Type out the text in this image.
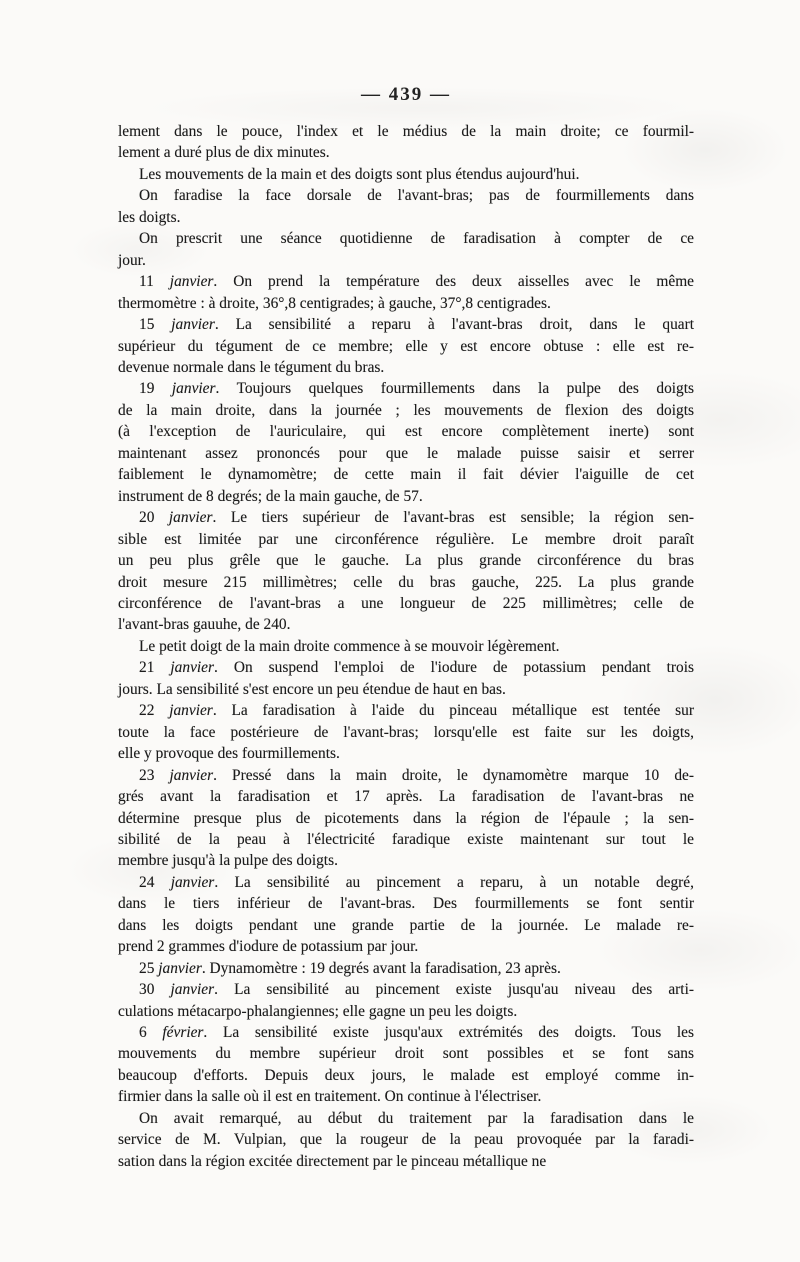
— 439 —
lement dans le pouce, l'index et le médius de la main droite; ce fourmil-
lement a duré plus de dix minutes.
Les mouvements de la main et des doigts sont plus étendus aujourd'hui.
On faradise la face dorsale de l'avant-bras; pas de fourmillements dans
les doigts.
On prescrit une séance quotidienne de faradisation à compter de ce
jour.
11 janvier. On prend la température des deux aisselles avec le même
thermomètre : à droite, 36°,8 centigrades; à gauche, 37°,8 centigrades.
15 janvier. La sensibilité a reparu à l'avant-bras droit, dans le quart
supérieur du tégument de ce membre; elle y est encore obtuse : elle est re-
devenue normale dans le tégument du bras.
19 janvier. Toujours quelques fourmillements dans la pulpe des doigts
de la main droite, dans la journée ; les mouvements de flexion des doigts
(à l'exception de l'auriculaire, qui est encore complètement inerte) sont
maintenant assez prononcés pour que le malade puisse saisir et serrer
faiblement le dynamomètre; de cette main il fait dévier l'aiguille de cet
instrument de 8 degrés; de la main gauche, de 57.
20 janvier. Le tiers supérieur de l'avant-bras est sensible; la région sen-
sible est limitée par une circonférence régulière. Le membre droit paraît
un peu plus grêle que le gauche. La plus grande circonférence du bras
droit mesure 215 millimètres; celle du bras gauche, 225. La plus grande
circonférence de l'avant-bras a une longueur de 225 millimètres; celle de
l'avant-bras gauuhe, de 240.
Le petit doigt de la main droite commence à se mouvoir légèrement.
21 janvier. On suspend l'emploi de l'iodure de potassium pendant trois
jours. La sensibilité s'est encore un peu étendue de haut en bas.
22 janvier. La faradisation à l'aide du pinceau métallique est tentée sur
toute la face postérieure de l'avant-bras; lorsqu'elle est faite sur les doigts,
elle y provoque des fourmillements.
23 janvier. Pressé dans la main droite, le dynamomètre marque 10 de-
grés avant la faradisation et 17 après. La faradisation de l'avant-bras ne
détermine presque plus de picotements dans la région de l'épaule ; la sen-
sibilité de la peau à l'électricité faradique existe maintenant sur tout le
membre jusqu'à la pulpe des doigts.
24 janvier. La sensibilité au pincement a reparu, à un notable degré,
dans le tiers inférieur de l'avant-bras. Des fourmillements se font sentir
dans les doigts pendant une grande partie de la journée. Le malade re-
prend 2 grammes d'iodure de potassium par jour.
25 janvier. Dynamomètre : 19 degrés avant la faradisation, 23 après.
30 janvier. La sensibilité au pincement existe jusqu'au niveau des arti-
culations métacarpo-phalangiennes; elle gagne un peu les doigts.
6 février. La sensibilité existe jusqu'aux extrémités des doigts. Tous les
mouvements du membre supérieur droit sont possibles et se font sans
beaucoup d'efforts. Depuis deux jours, le malade est employé comme in-
firmier dans la salle où il est en traitement. On continue à l'électriser.
On avait remarqué, au début du traitement par la faradisation dans le
service de M. Vulpian, que la rougeur de la peau provoquée par la faradi-
sation dans la région excitée directement par le pinceau métallique ne
